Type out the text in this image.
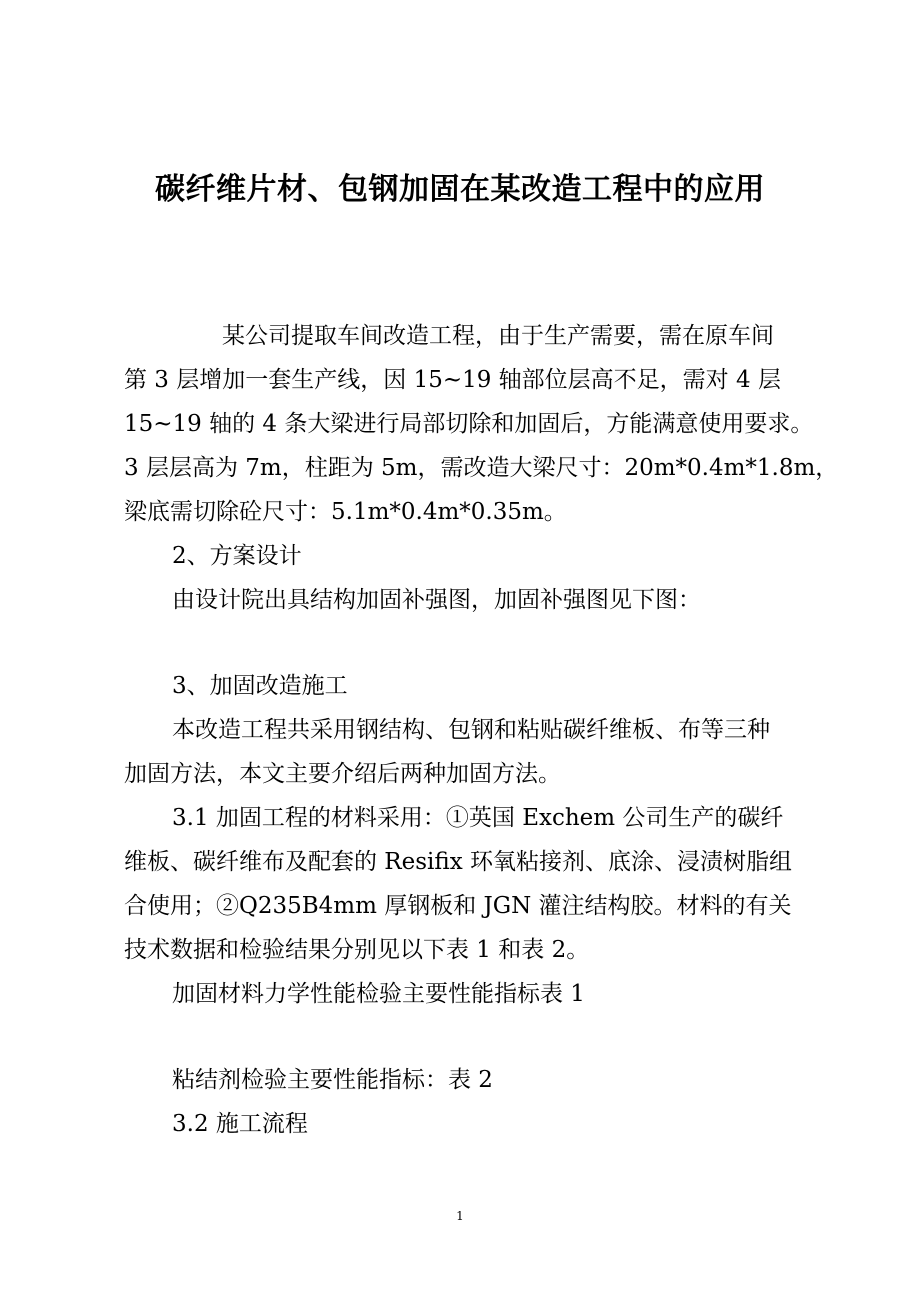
碳纤维片材、包钢加固在某改造工程中的应用
某公司提取车间改造工程，由于生产需要，需在原车间
第 3 层增加一套生产线，因 15~19 轴部位层高不足，需对 4 层
15~19 轴的 4 条大梁进行局部切除和加固后，方能满意使用要求。
3 层层高为 7m，柱距为 5m，需改造大梁尺寸：20m*0.4m*1.8m，
梁底需切除砼尺寸：5.1m*0.4m*0.35m。
2、方案设计
由设计院出具结构加固补强图，加固补强图见下图：
3、加固改造施工
本改造工程共采用钢结构、包钢和粘贴碳纤维板、布等三种
加固方法，本文主要介绍后两种加固方法。
3.1 加固工程的材料采用：①英国 Exchem 公司生产的碳纤
维板、碳纤维布及配套的 Resifix 环氧粘接剂、底涂、浸渍树脂组
合使用；②Q235B4mm 厚钢板和 JGN 灌注结构胶。材料的有关
技术数据和检验结果分别见以下表 1 和表 2。
加固材料力学性能检验主要性能指标表 1
粘结剂检验主要性能指标：表 2
3.2 施工流程
1
